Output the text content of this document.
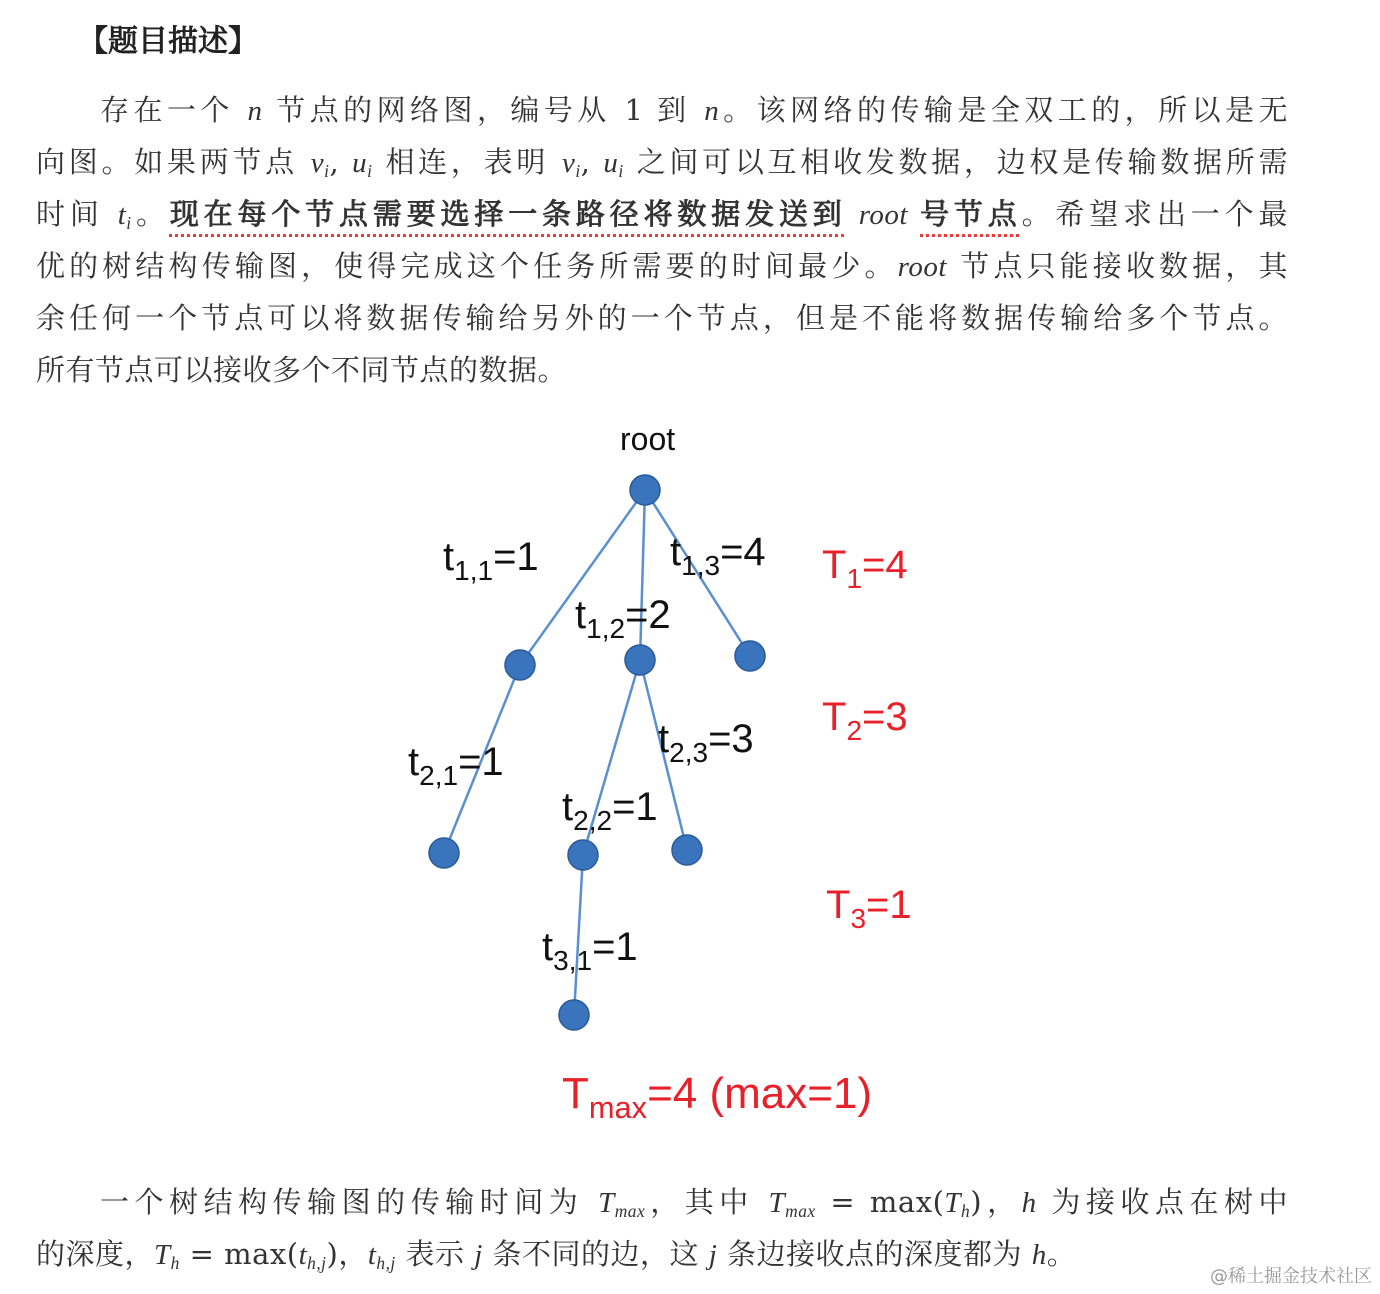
【题目描述】
存在一个 n 节点的网络图，编号从 1 到 n。该网络的传输是全双工的，所以是无
向图。如果两节点 $v_i$, $u_i$ 相连，表明 $v_i$, $u_i$ 之间可以互相收发数据，边权是传输数据所需
时间 $t_i$。现在每个节点需要选择一条路径将数据发送到 root 号节点。希望求出一个最
优的树结构传输图，使得完成这个任务所需要的时间最少。root 节点只能接收数据，其
余任何一个节点可以将数据传输给另外的一个节点，但是不能将数据传输给多个节点。
所有节点可以接收多个不同节点的数据。
root
$t_{1,1}=1$
$t_{1,2}=2$
$t_{1,3}=4$
$t_{2,1}=1$
$t_{2,2}=1$
$t_{2,3}=3$
$t_{3,1}=1$
$T_1=4$
$T_2=3$
$T_3=1$
$T_{max}=4$ (max=1)
一个树结构传输图的传输时间为 $T_{max}$，其中 $T_{max} = \max(T_h)$，h 为接收点在树中
的深度，$T_h = \max(t_{h,j})$，$t_{h,j}$ 表示 j 条不同的边，这 j 条边接收点的深度都为 h。
@稀土掘金技术社区
